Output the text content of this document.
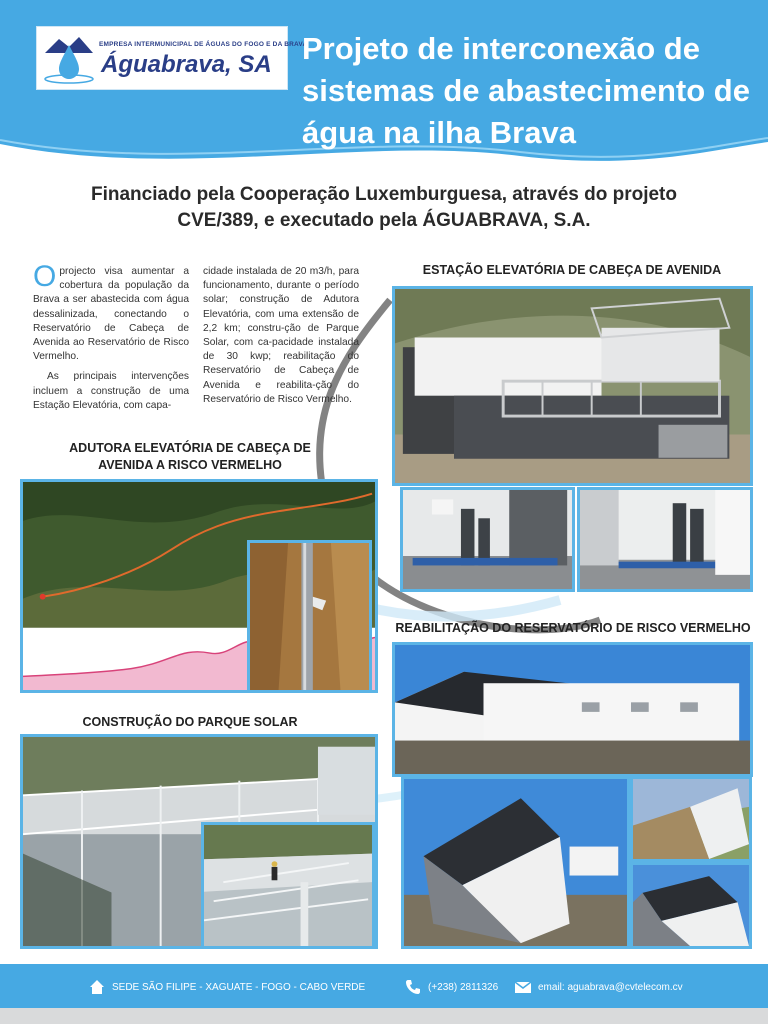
EMPRESA INTERMUNICIPAL DE ÁGUAS DO FOGO E DA BRAVA
Águabrava, SA Projeto de interconexão de sistemas de abastecimento de água na ilha Brava
Financiado pela Cooperação Luxemburguesa, através do projeto CVE/389, e executado pela ÁGUABRAVA, S.A.

Oprojecto visa aumentar a cobertura da população da Brava a ser abastecida com água dessalinizada, conectando o Reservatório de Cabeça de Avenida ao Reservatório de Risco Vermelho.

As principais intervenções incluem a construção de uma Estação Elevatória, com capa-

cidade instalada de 20 m3/h, para funcionamento, durante o período solar; construção de Adutora Elevatória, com uma extensão de 2,2 km; constru-ção de Parque Solar, com ca-pacidade instalada de 30 kwp; reabilitação do Reservatório de Cabeça de Avenida e reabilita-ção do Reservatório de Risco Vermelho.

ESTAÇÃO ELEVATÓRIA DE CABEÇA DE AVENIDA
ADUTORA ELEVATÓRIA DE CABEÇA DE AVENIDA A RISCO VERMELHO
REABILITAÇÃO DO RESERVATÓRIO DE RISCO VERMELHO
CONSTRUÇÃO DO PARQUE SOLAR
SEDE SÃO FILIPE - XAGUATE - FOGO - CABO VERDE	(+238) 2811326	email: aguabrava@cvtelecom.cv
